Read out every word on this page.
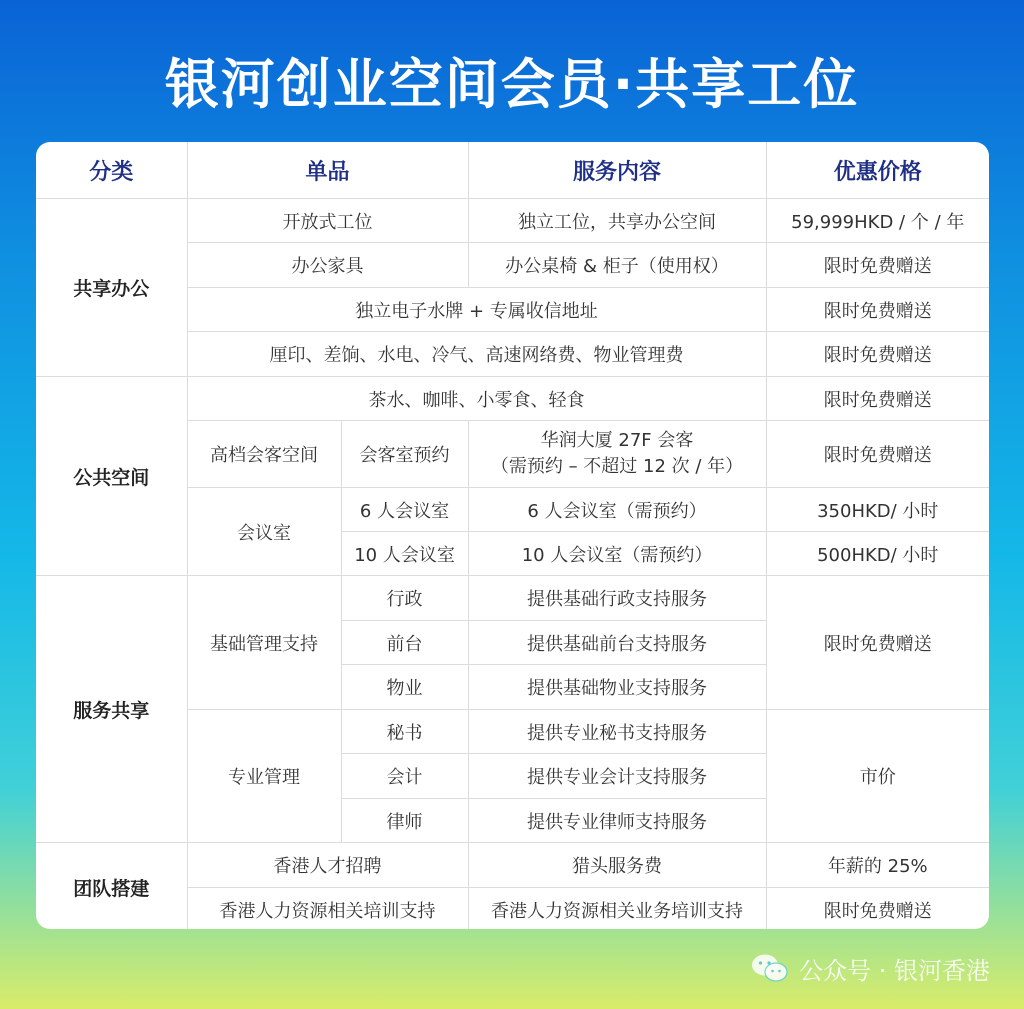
银河创业空间会员·共享工位
分类	单品		服务内容	优惠价格
共享办公	开放式工位		独立工位，共享办公空间	59,999HKD / 个 / 年
	办公家具		办公桌椅 & 柜子（使用权）	限时免费赠送
	独立电子水牌 + 专属收信地址			限时免费赠送
	厘印、差饷、水电、冷气、高速网络费、物业管理费			限时免费赠送
公共空间	茶水、咖啡、小零食、轻食			限时免费赠送
	高档会客空间	会客室预约	华润大厦 27F 会客
（需预约 – 不超过 12 次 / 年）	限时免费赠送
	会议室	6 人会议室	6 人会议室（需预约）	350HKD/ 小时
		10 人会议室	10 人会议室（需预约）	500HKD/ 小时
服务共享	基础管理支持	行政	提供基础行政支持服务	限时免费赠送
		前台	提供基础前台支持服务	
		物业	提供基础物业支持服务	
	专业管理	秘书	提供专业秘书支持服务	市价
		会计	提供专业会计支持服务	
		律师	提供专业律师支持服务	
团队搭建	香港人才招聘		猎头服务费	年薪的 25%
	香港人力资源相关培训支持		香港人力资源相关业务培训支持	限时免费赠送
公众号 · 银河香港
